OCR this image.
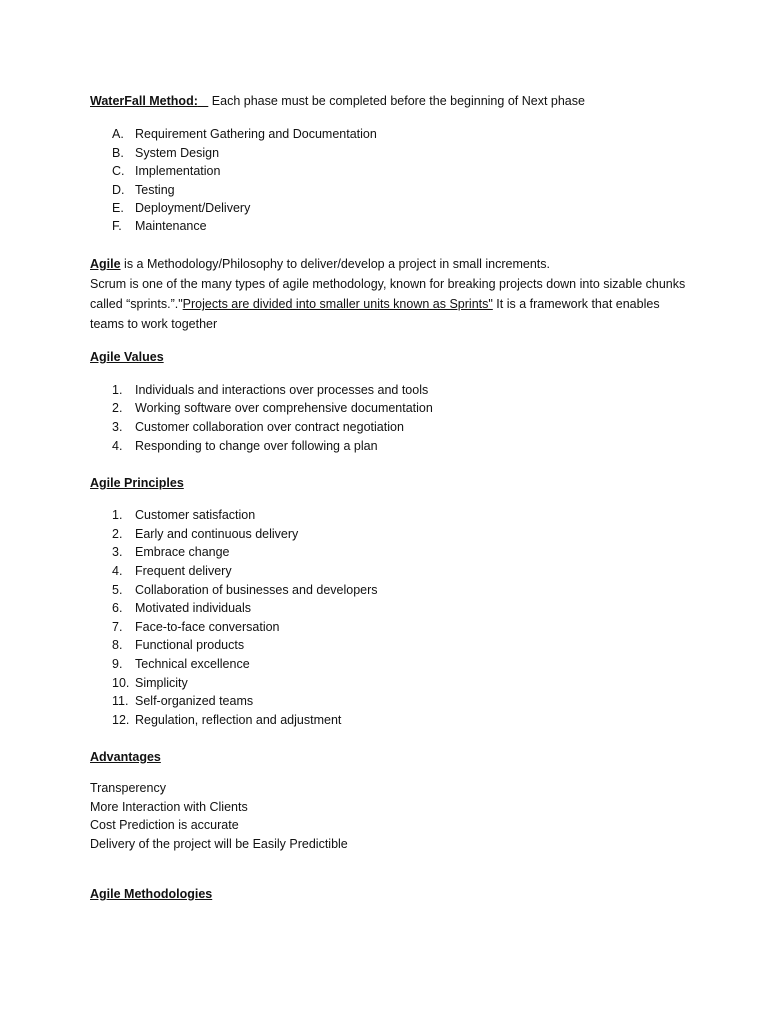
WaterFall Method: Each phase must be completed before the beginning of Next phase
A. Requirement Gathering and Documentation
B. System Design
C. Implementation
D. Testing
E. Deployment/Delivery
F. Maintenance
Agile is a Methodology/Philosophy to deliver/develop a project in small increments.
Scrum is one of the many types of agile methodology, known for breaking projects down into sizable chunks called “sprints.”."Projects are divided into smaller units known as Sprints" It is a framework that enables teams to work together
Agile Values
1. Individuals and interactions over processes and tools
2. Working software over comprehensive documentation
3. Customer collaboration over contract negotiation
4. Responding to change over following a plan
Agile Principles
1. Customer satisfaction
2. Early and continuous delivery
3. Embrace change
4. Frequent delivery
5. Collaboration of businesses and developers
6. Motivated individuals
7. Face-to-face conversation
8. Functional products
9. Technical excellence
10. Simplicity
11. Self-organized teams
12. Regulation, reflection and adjustment
Advantages
Transperency
More Interaction with Clients
Cost Prediction is accurate
Delivery of the project will be Easily Predictible
Agile Methodologies
